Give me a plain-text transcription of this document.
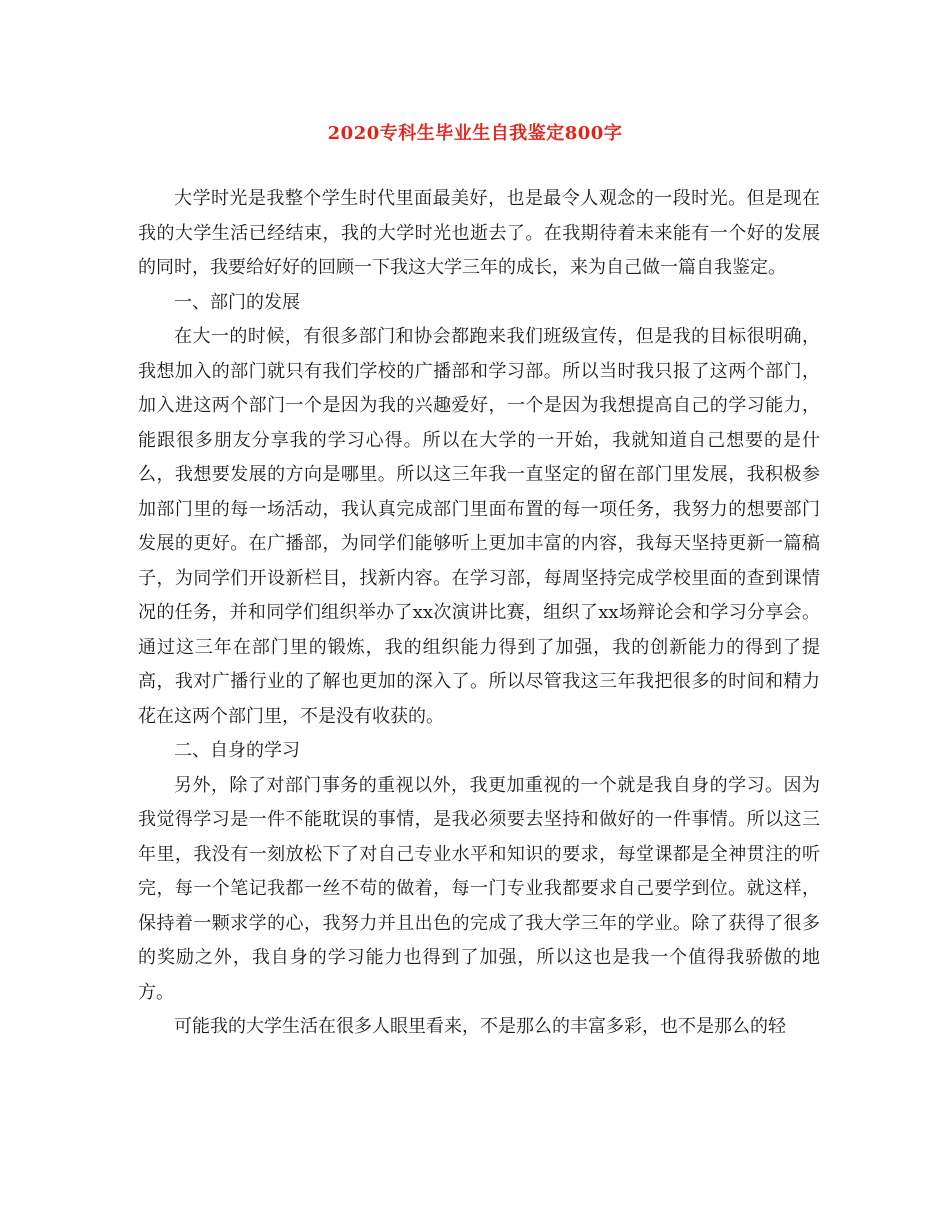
2020专科生毕业生自我鉴定800字

大学时光是我整个学生时代里面最美好，也是最令人观念的一段时光。但是现在我的大学生活已经结束，我的大学时光也逝去了。在我期待着未来能有一个好的发展的同时，我要给好好的回顾一下我这大学三年的成长，来为自己做一篇自我鉴定。

一、部门的发展

在大一的时候，有很多部门和协会都跑来我们班级宣传，但是我的目标很明确，我想加入的部门就只有我们学校的广播部和学习部。所以当时我只报了这两个部门，加入进这两个部门一个是因为我的兴趣爱好，一个是因为我想提高自己的学习能力，能跟很多朋友分享我的学习心得。所以在大学的一开始，我就知道自己想要的是什么，我想要发展的方向是哪里。所以这三年我一直坚定的留在部门里发展，我积极参加部门里的每一场活动，我认真完成部门里面布置的每一项任务，我努力的想要部门发展的更好。在广播部，为同学们能够听上更加丰富的内容，我每天坚持更新一篇稿子，为同学们开设新栏目，找新内容。在学习部，每周坚持完成学校里面的查到课情况的任务，并和同学们组织举办了xx次演讲比赛，组织了xx场辩论会和学习分享会。通过这三年在部门里的锻炼，我的组织能力得到了加强，我的创新能力的得到了提高，我对广播行业的了解也更加的深入了。所以尽管我这三年我把很多的时间和精力花在这两个部门里，不是没有收获的。

二、自身的学习

另外，除了对部门事务的重视以外，我更加重视的一个就是我自身的学习。因为我觉得学习是一件不能耽误的事情，是我必须要去坚持和做好的一件事情。所以这三年里，我没有一刻放松下了对自己专业水平和知识的要求，每堂课都是全神贯注的听完，每一个笔记我都一丝不苟的做着，每一门专业我都要求自己要学到位。就这样，保持着一颗求学的心，我努力并且出色的完成了我大学三年的学业。除了获得了很多的奖励之外，我自身的学习能力也得到了加强，所以这也是我一个值得我骄傲的地方。

可能我的大学生活在很多人眼里看来，不是那么的丰富多彩，也不是那么的轻
